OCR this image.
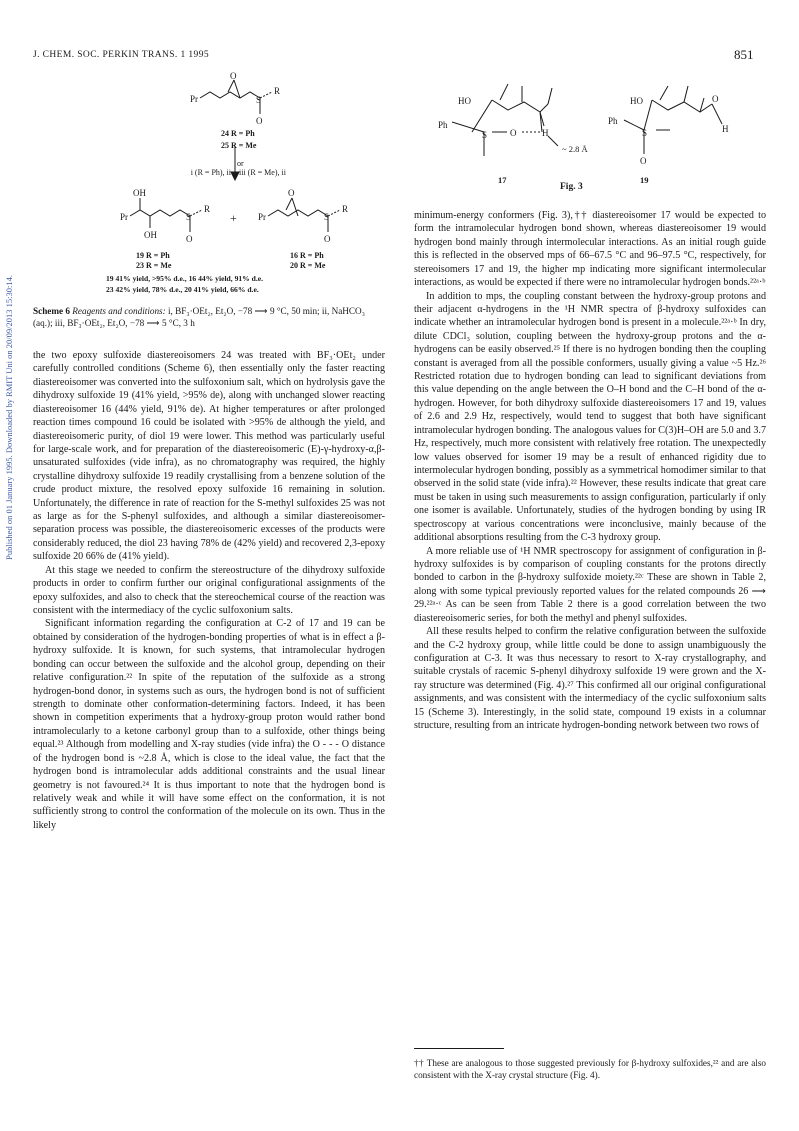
Published on 01 January 1995. Downloaded by RMIT Uni on 20/09/2013 15:30:14.
J. CHEM. SOC. PERKIN TRANS. 1 1995	851
Pr
O
S
R
O
24 R = Ph
25 R = Me
or
i (R = Ph), ii iii (R = Me), ii
Pr
OH
OH
S
R
O
+ Pr
O
S
R
O
19 R = Ph
23 R = Me
16 R = Ph
20 R = Me
19 41% yield, >95% d.e., 16 44% yield, 91% d.e.
23 42% yield, 78% d.e., 20 41% yield, 66% d.e.
Scheme 6 Reagents and conditions: i, BF₃·OEt₂, Et₂O, −78 ⟶ 9 °C, 50 min; ii, NaHCO₃ (aq.); iii, BF₃·OEt₂, Et₂O, −78 ⟶ 5 °C, 3 h
HO
Ph
S	O	H
~ 2.8 Å
17
HO
Ph
S
O
H
O
19
Fig. 3

the two epoxy sulfoxide diastereoisomers 24 was treated with BF₃·OEt₂ under carefully controlled conditions (Scheme 6), then essentially only the faster reacting diastereoisomer was converted into the sulfoxonium salt, which on hydrolysis gave the dihydroxy sulfoxide 19 (41% yield, >95% de), along with unchanged slower reacting diastereoisomer 16 (44% yield, 91% de). At higher temperatures or after prolonged reaction times compound 16 could be isolated with >95% de although the yield, and diastereoisomeric purity, of diol 19 were lower. This method was particularly useful for large-scale work, and for preparation of the diastereoisomeric (E)-γ-hydroxy-α,β-unsaturated sulfoxides (vide infra), as no chromatography was required, the highly crystalline dihydroxy sulfoxide 19 readily crystallising from a benzene solution of the crude product mixture, the resolved epoxy sulfoxide 16 remaining in solution. Unfortunately, the difference in rate of reaction for the S-methyl sulfoxides 25 was not as large as for the S-phenyl sulfoxides, and although a similar diastereoisomer-separation process was possible, the diastereoisomeric excesses of the products were considerably reduced, the diol 23 having 78% de (42% yield) and recovered 2,3-epoxy sulfoxide 20 66% de (41% yield).

At this stage we needed to confirm the stereostructure of the dihydroxy sulfoxide products in order to confirm further our original configurational assignments of the epoxy sulfoxides, and also to check that the stereochemical course of the reaction was consistent with the intermediacy of the cyclic sulfoxonium salts.

Significant information regarding the configuration at C-2 of 17 and 19 can be obtained by consideration of the hydrogen-bonding properties of what is in effect a β-hydroxy sulfoxide. It is known, for such systems, that intramolecular hydrogen bonding can occur between the sulfoxide and the alcohol group, depending on their relative configuration.²² In spite of the reputation of the sulfoxide as a strong hydrogen-bond donor, in systems such as ours, the hydrogen bond is not of sufficient strength to dominate other conformation-determining factors. Indeed, it has been shown in competition experiments that a hydroxy-group proton would rather bond intramolecularly to a ketone carbonyl group than to a sulfoxide, other things being equal.²³ Although from modelling and X-ray studies (vide infra) the O - - - O distance of the hydrogen bond is ~2.8 Å, which is close to the ideal value, the fact that the hydrogen bond is intramolecular adds additional constraints and the usual linear geometry is not favoured.²⁴ It is thus important to note that the hydrogen bond is relatively weak and while it will have some effect on the conformation, it is not sufficiently strong to control the conformation of the molecule on its own. Thus in the likely

minimum-energy conformers (Fig. 3),†† diastereoisomer 17 would be expected to form the intramolecular hydrogen bond shown, whereas diastereoisomer 19 would hydrogen bond mainly through intermolecular interactions. As an initial rough guide this is reflected in the observed mps of 66–67.5 °C and 96–97.5 °C, respectively, for stereoisomers 17 and 19, the higher mp indicating more significant intermolecular interactions, as would be expected if there were no intramolecular hydrogen bonds.²²ᵃ·ᵇ

In addition to mps, the coupling constant between the hydroxy-group protons and their adjacent α-hydrogens in the ¹H NMR spectra of β-hydroxy sulfoxides can indicate whether an intramolecular hydrogen bond is present in a molecule.²²ᵃ·ᵇ In dry, dilute CDCl₃ solution, coupling between the hydroxy-group protons and the α-hydrogens can be easily observed.²⁵ If there is no hydrogen bonding then the coupling constant is averaged from all the possible conformers, usually giving a value ~5 Hz.²⁶ Restricted rotation due to hydrogen bonding can lead to significant deviations from this value depending on the angle between the O–H bond and the C–H bond of the α-hydrogen. However, for both dihydroxy sulfoxide diastereoisomers 17 and 19, values of 2.6 and 2.9 Hz, respectively, would tend to suggest that both have significant intramolecular hydrogen bonding. The analogous values for C(3)H–OH are 5.0 and 3.7 Hz, respectively, much more consistent with relatively free rotation. The unexpectedly low values observed for isomer 19 may be a result of enhanced rigidity due to intermolecular hydrogen bonding, possibly as a symmetrical homodimer similar to that observed in the solid state (vide infra).²² However, these results indicate that great care must be taken in using such measurements to assign configuration, particularly if only one isomer is available. Unfortunately, studies of the hydrogen bonding by using IR spectroscopy at various concentrations were inconclusive, mainly because of the additional absorptions resulting from the C-3 hydroxy group.

A more reliable use of ¹H NMR spectroscopy for assignment of configuration in β-hydroxy sulfoxides is by comparison of coupling constants for the protons directly bonded to carbon in the β-hydroxy sulfoxide moiety.²²ᶜ These are shown in Table 2, along with some typical previously reported values for the related compounds 26 ⟶ 29.²²ᵃ·ᶜ As can be seen from Table 2 there is a good correlation between the two diastereoisomeric series, for both the methyl and phenyl sulfoxides.

All these results helped to confirm the relative configuration between the sulfoxide and the C-2 hydroxy group, while little could be done to assign unambiguously the configuration at C-3. It was thus necessary to resort to X-ray crystallography, and suitable crystals of racemic S-phenyl dihydroxy sulfoxide 19 were grown and the X-ray structure was determined (Fig. 4).²⁷ This confirmed all our original configurational assignments, and was consistent with the intermediacy of the cyclic sulfoxonium salts 15 (Scheme 3). Interestingly, in the solid state, compound 19 exists in a columnar structure, resulting from an intricate hydrogen-bonding network between two rows of

†† These are analogous to those suggested previously for β-hydroxy sulfoxides,²² and are also consistent with the X-ray crystal structure (Fig. 4).
